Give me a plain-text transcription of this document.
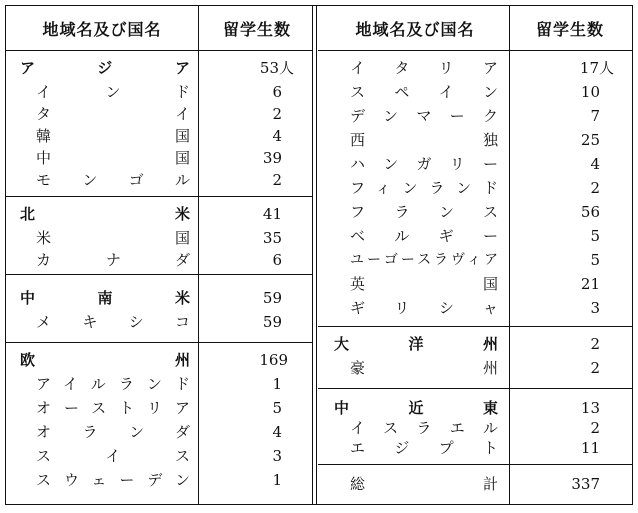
地域名及び国名	留学生数	地域名及び国名	留学生数
アジア	53人
インド	6
タイ	2
韓国	4
中国	39
モンゴル	2
北米	41
米国	35
カナダ	6
中南米	59
メキシコ	59
欧州	169
アイルランド	1
オーストリア	5
オランダ	4
スイス	3
スウェーデン	1
イタリア	17人
スペイン	10
デンマーク	7
西独	25
ハンガリー	4
フィンランド	2
フランス	56
ベルギー	5
ユーゴースラヴィア	5
英国	21
ギリシャ	3
大洋州	2
豪州	2
中近東	13
イスラエル	2
エジプト	11
総計	337
